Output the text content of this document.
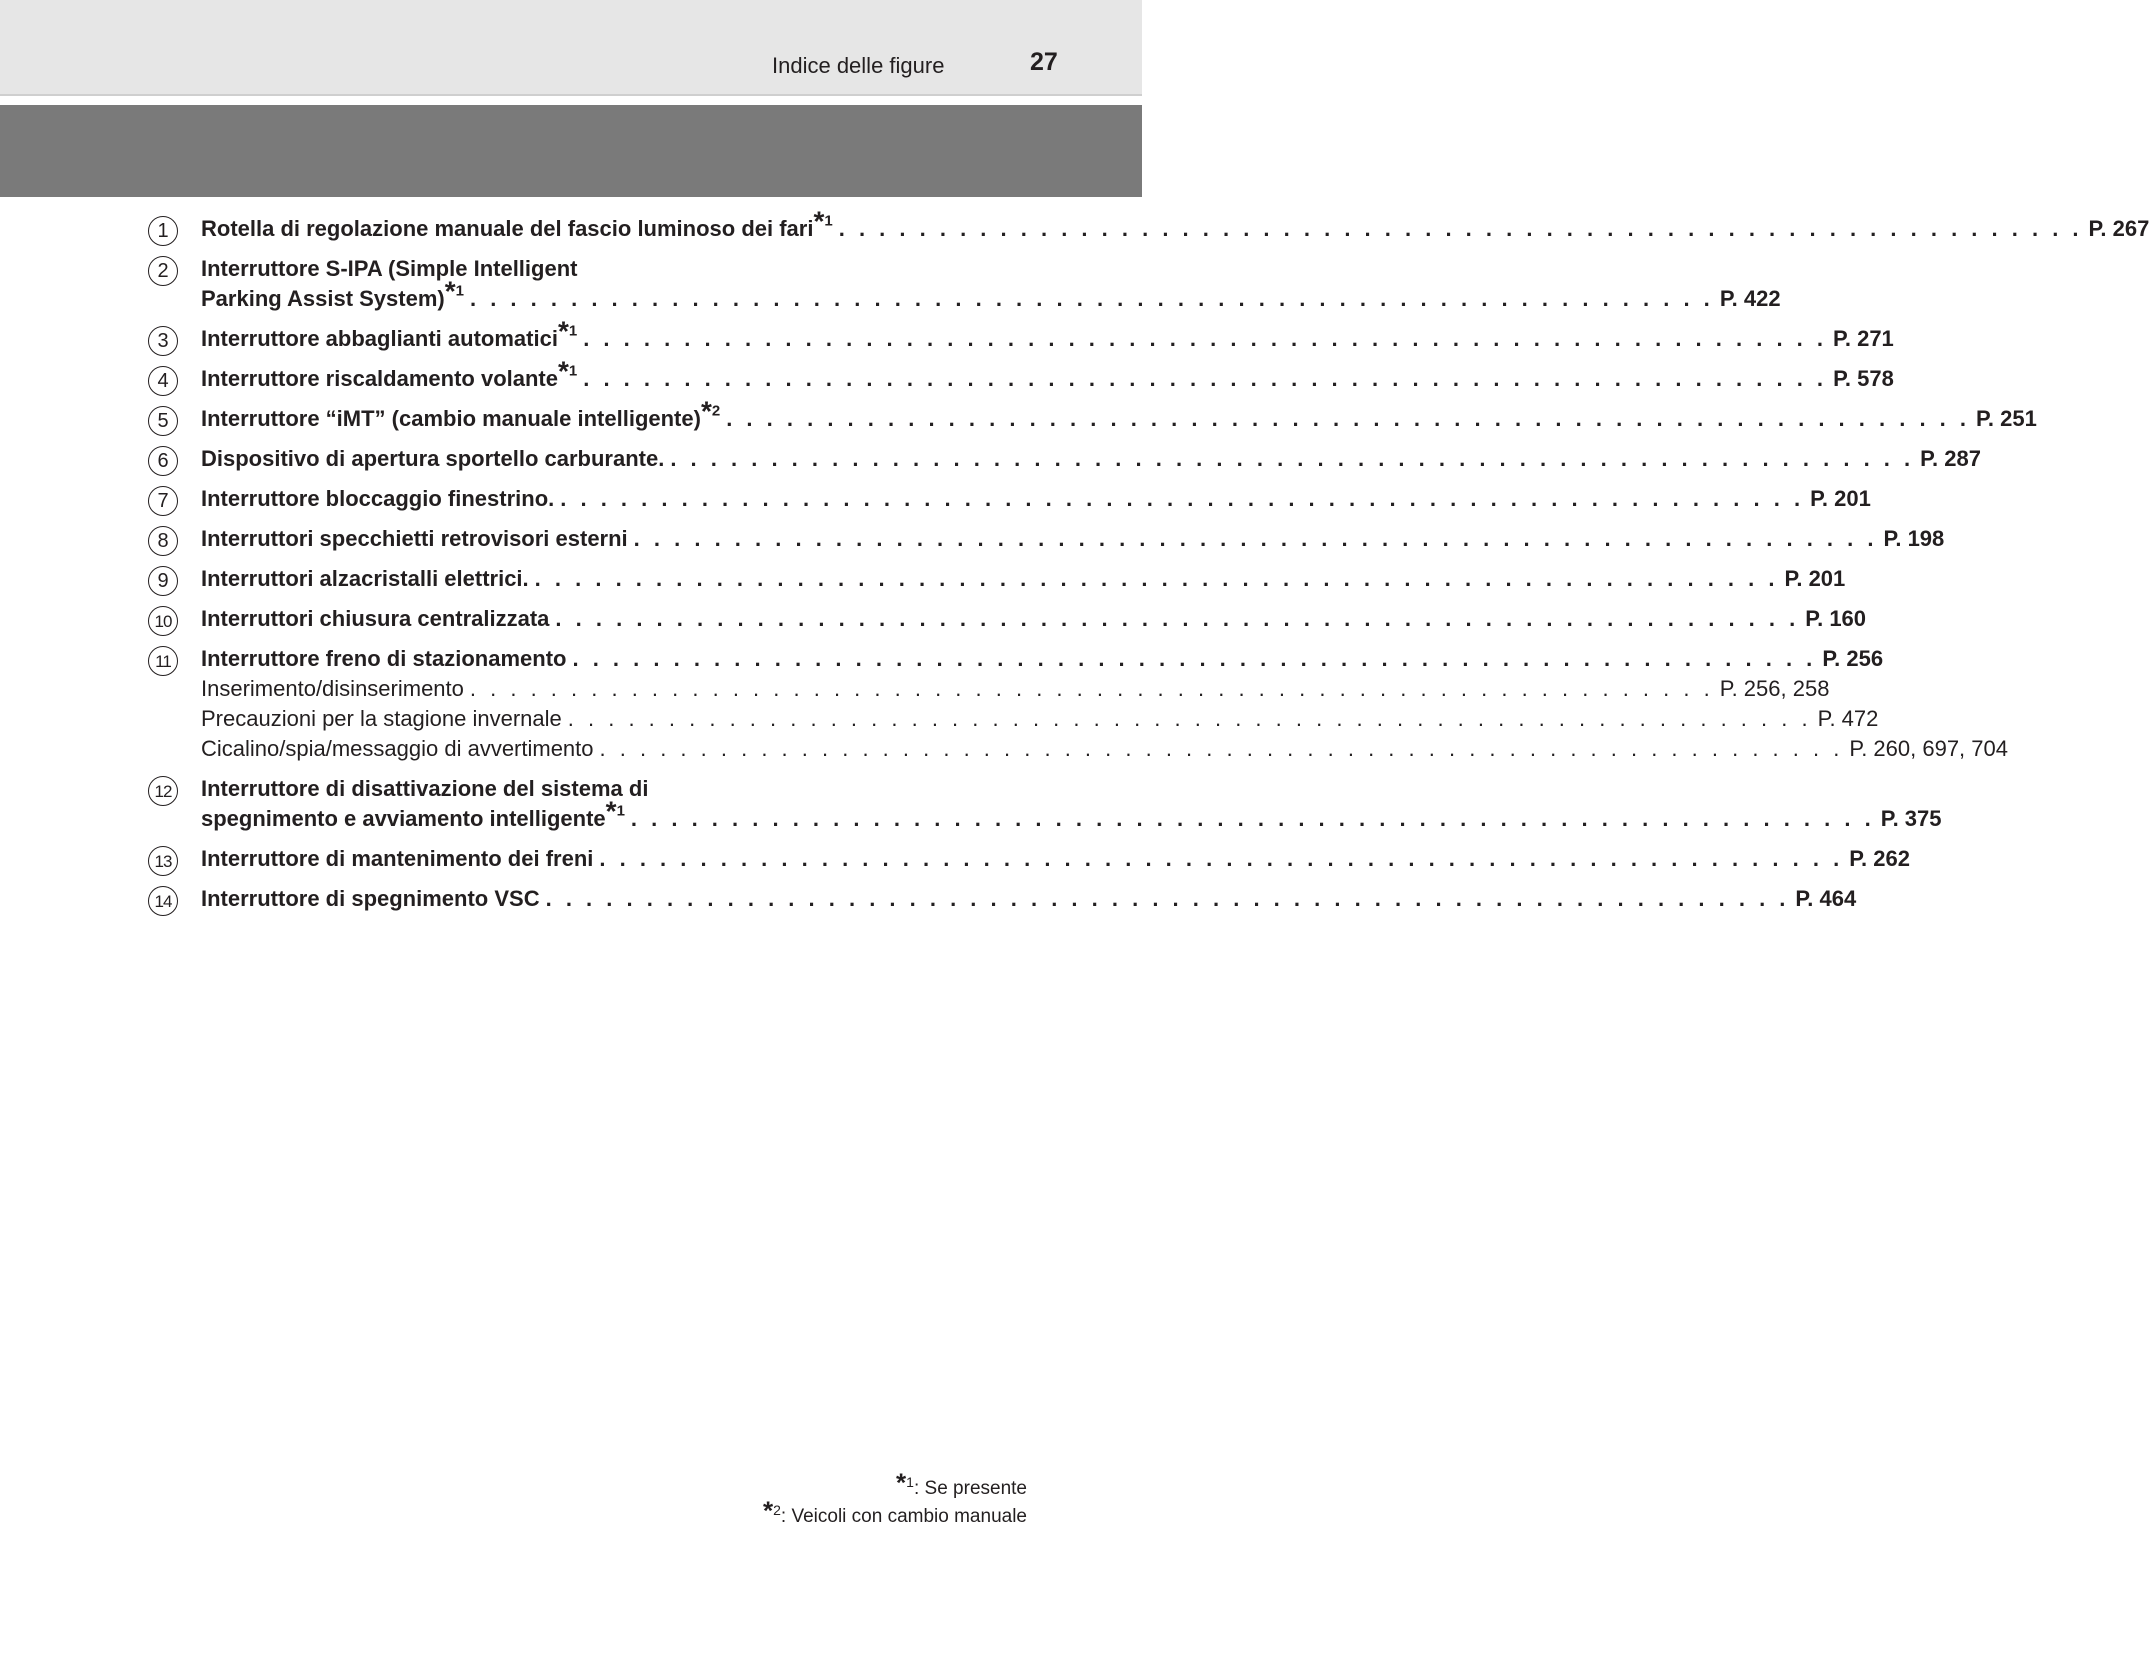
Indice delle figure	27
1	Rotella di regolazione manuale del fascio luminoso dei fari*$^1$ . . . . . . . . . . . . . . . . . . . . . . . . . . . . . . . . . . . . . . . . . . . . . . . . . . . . . . . . . . . . . . P. 267
2	Interruttore S-IPA (Simple Intelligent
Parking Assist System)*$^1$ . . . . . . . . . . . . . . . . . . . . . . . . . . . . . . . . . . . . . . . . . . . . . . . . . . . . . . . . . . . . . . P. 422
3	Interruttore abbaglianti automatici*$^1$ . . . . . . . . . . . . . . . . . . . . . . . . . . . . . . . . . . . . . . . . . . . . . . . . . . . . . . . . . . . . . . P. 271
4	Interruttore riscaldamento volante*$^1$ . . . . . . . . . . . . . . . . . . . . . . . . . . . . . . . . . . . . . . . . . . . . . . . . . . . . . . . . . . . . . . P. 578
5	Interruttore “iMT” (cambio manuale intelligente)*$^2$ . . . . . . . . . . . . . . . . . . . . . . . . . . . . . . . . . . . . . . . . . . . . . . . . . . . . . . . . . . . . . . P. 251
6	Dispositivo di apertura sportello carburante. . . . . . . . . . . . . . . . . . . . . . . . . . . . . . . . . . . . . . . . . . . . . . . . . . . . . . . . . . . . . . . P. 287
7	Interruttore bloccaggio finestrino. . . . . . . . . . . . . . . . . . . . . . . . . . . . . . . . . . . . . . . . . . . . . . . . . . . . . . . . . . . . . . . P. 201
8	Interruttori specchietti retrovisori esterni . . . . . . . . . . . . . . . . . . . . . . . . . . . . . . . . . . . . . . . . . . . . . . . . . . . . . . . . . . . . . . P. 198
9	Interruttori alzacristalli elettrici. . . . . . . . . . . . . . . . . . . . . . . . . . . . . . . . . . . . . . . . . . . . . . . . . . . . . . . . . . . . . . . P. 201
10 Interruttori chiusura centralizzata . . . . . . . . . . . . . . . . . . . . . . . . . . . . . . . . . . . . . . . . . . . . . . . . . . . . . . . . . . . . . . P. 160
11	Interruttore freno di stazionamento . . . . . . . . . . . . . . . . . . . . . . . . . . . . . . . . . . . . . . . . . . . . . . . . . . . . . . . . . . . . . . P. 256
Inserimento/disinserimento . . . . . . . . . . . . . . . . . . . . . . . . . . . . . . . . . . . . . . . . . . . . . . . . . . . . . . . . . . . . . . P. 256, 258
Precauzioni per la stagione invernale . . . . . . . . . . . . . . . . . . . . . . . . . . . . . . . . . . . . . . . . . . . . . . . . . . . . . . . . . . . . . . P. 472
Cicalino/spia/messaggio di avvertimento . . . . . . . . . . . . . . . . . . . . . . . . . . . . . . . . . . . . . . . . . . . . . . . . . . . . . . . . . . . . . . P. 260, 697, 704
12 Interruttore di disattivazione del sistema di
spegnimento e avviamento intelligente*$^1$ . . . . . . . . . . . . . . . . . . . . . . . . . . . . . . . . . . . . . . . . . . . . . . . . . . . . . . . . . . . . . . P. 375
13 Interruttore di mantenimento dei freni . . . . . . . . . . . . . . . . . . . . . . . . . . . . . . . . . . . . . . . . . . . . . . . . . . . . . . . . . . . . . . P. 262
14 Interruttore di spegnimento VSC . . . . . . . . . . . . . . . . . . . . . . . . . . . . . . . . . . . . . . . . . . . . . . . . . . . . . . . . . . . . . . P. 464
*$^1$: Se presente
*$^2$: Veicoli con cambio manuale
